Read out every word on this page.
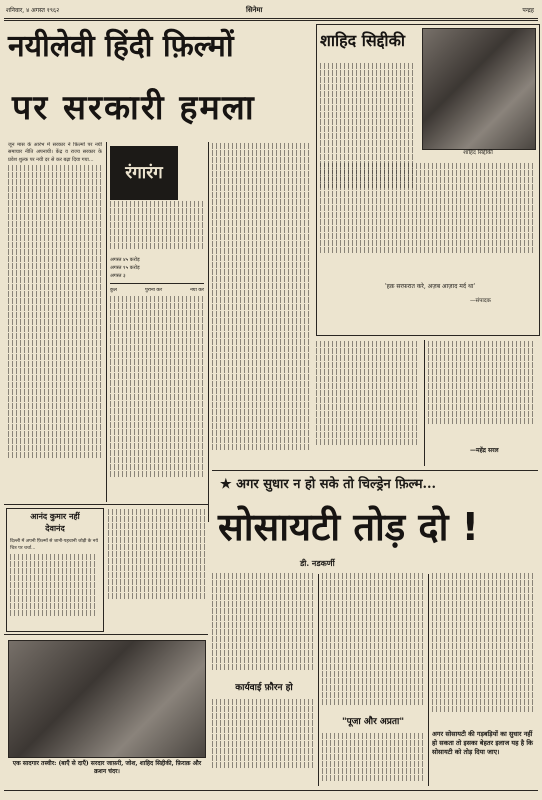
शनिवार, ४ अगस्त १९६२	सिनेमा	पन्द्रह
नयीलेवी हिंदी फ़िल्मों
पर सरकारी हमला
शाहिद सिद्दीकी
शाहिद सिद्दीकी
'हक़ सरफ़रात करे, अज़ब आज़ाद मर्द था'
—संपादक
जून मास के आरंभ में सरकार ने फ़िल्मों पर नयी समाचार नीति अपनायी। केंद्र व राज्य सरकार के प्रवेश शुल्क पर नयी दर से कर बढ़ा दिया गया...
रंगारंग
अगस्त ४५ करोड़
अगस्त १५ करोड़
अगस्त ३
कुल	पुराना कर	नया कर
—महेंद्र सरल
★ अगर सुधार न हो सके तो चिल्ड्रेन फ़िल्म...
सोसायटी तोड़ दो !
डी. नडकर्णी
आनंद कुमार नहीं
देवानंद
दिल्ली में अपनी फ़िल्मों से जानी-पहचानी जोड़ी के नये चित्र पर चर्चा...
कार्यवाई फ़ौरन हो
"पूजा और अप्रता"
अगर सोसायटी की गड़बड़ियों का सुधार नहीं हो सकता तो इसका बेहतर इलाज यह है कि सोसायटी को तोड़ दिया जाए।
एक सादगार तस्वीर: (बाएँ से दाएँ) सरदार जाफ़री, जोश, शाहिद सिद्दीकी, फ़िराक़ और क्रशन चंदर।
